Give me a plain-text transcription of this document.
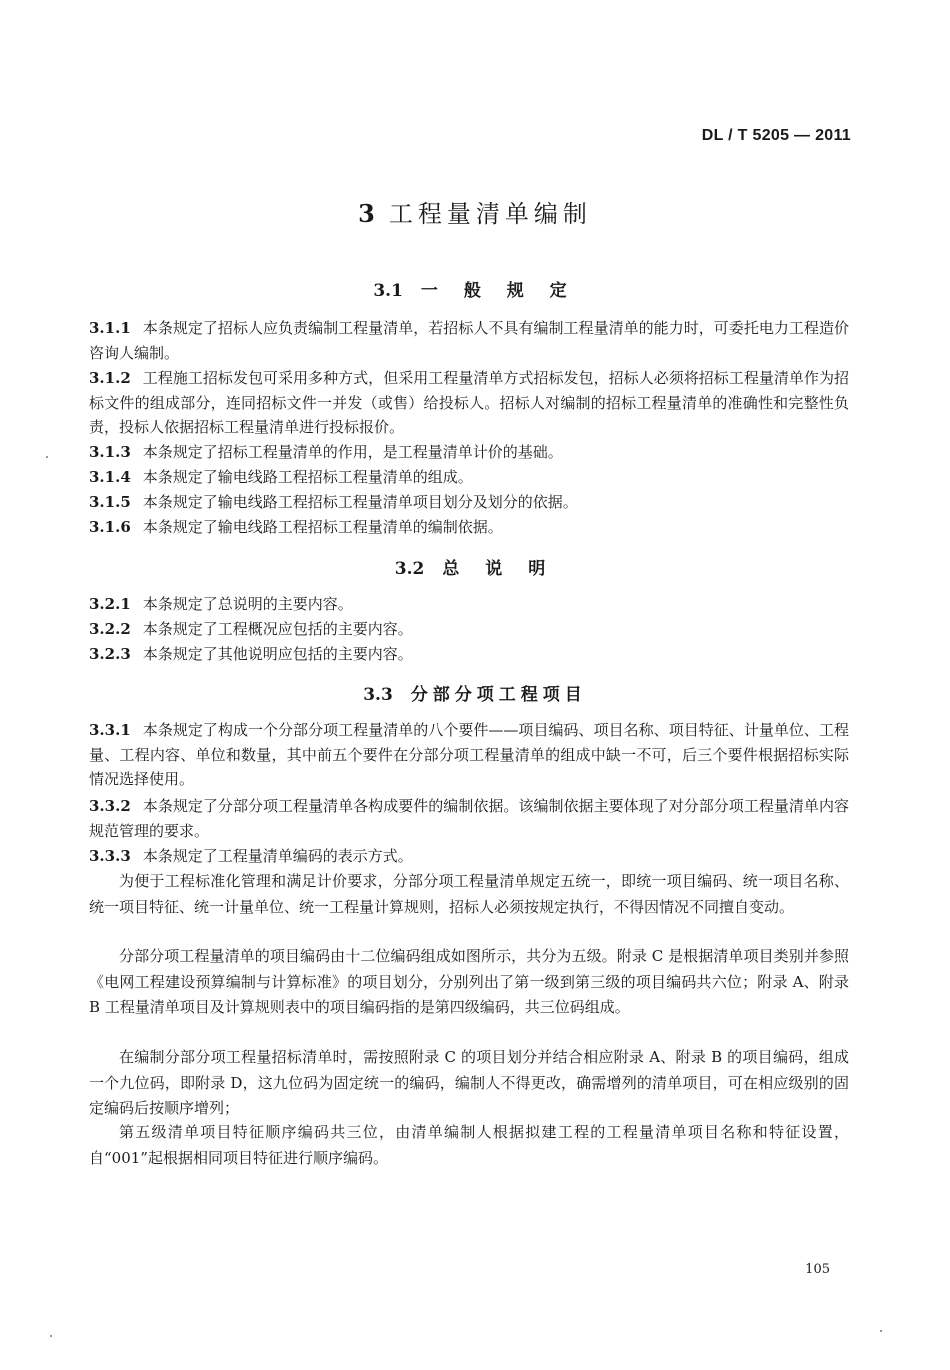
DL / T 5205 — 2011
3 工程量清单编制
3.1 一 般 规 定
3.1.1 本条规定了招标人应负责编制工程量清单，若招标人不具有编制工程量清单的能力时，可委托电力工程造价咨询人编制。
3.1.2 工程施工招标发包可采用多种方式，但采用工程量清单方式招标发包，招标人必须将招标工程量清单作为招标文件的组成部分，连同招标文件一并发（或售）给投标人。招标人对编制的招标工程量清单的准确性和完整性负责，投标人依据招标工程量清单进行投标报价。
3.1.3 本条规定了招标工程量清单的作用，是工程量清单计价的基础。
3.1.4 本条规定了输电线路工程招标工程量清单的组成。
3.1.5 本条规定了输电线路工程招标工程量清单项目划分及划分的依据。
3.1.6 本条规定了输电线路工程招标工程量清单的编制依据。
3.2 总 说 明
3.2.1 本条规定了总说明的主要内容。
3.2.2 本条规定了工程概况应包括的主要内容。
3.2.3 本条规定了其他说明应包括的主要内容。
3.3 分部分项工程项目
3.3.1 本条规定了构成一个分部分项工程量清单的八个要件——项目编码、项目名称、项目特征、计量单位、工程量、工程内容、单位和数量，其中前五个要件在分部分项工程量清单的组成中缺一不可，后三个要件根据招标实际情况选择使用。
3.3.2 本条规定了分部分项工程量清单各构成要件的编制依据。该编制依据主要体现了对分部分项工程量清单内容规范管理的要求。
3.3.3 本条规定了工程量清单编码的表示方式。
为便于工程标准化管理和满足计价要求，分部分项工程量清单规定五统一，即统一项目编码、统一项目名称、统一项目特征、统一计量单位、统一工程量计算规则，招标人必须按规定执行，不得因情况不同擅自变动。
分部分项工程量清单的项目编码由十二位编码组成如图所示，共分为五级。附录 C 是根据清单项目类别并参照《电网工程建设预算编制与计算标准》的项目划分，分别列出了第一级到第三级的项目编码共六位；附录 A、附录 B 工程量清单项目及计算规则表中的项目编码指的是第四级编码，共三位码组成。
在编制分部分项工程量招标清单时，需按照附录 C 的项目划分并结合相应附录 A、附录 B 的项目编码，组成一个九位码，即附录 D，这九位码为固定统一的编码，编制人不得更改，确需增列的清单项目，可在相应级别的固定编码后按顺序增列；
第五级清单项目特征顺序编码共三位，由清单编制人根据拟建工程的工程量清单项目名称和特征设置，自“001”起根据相同项目特征进行顺序编码。
105
